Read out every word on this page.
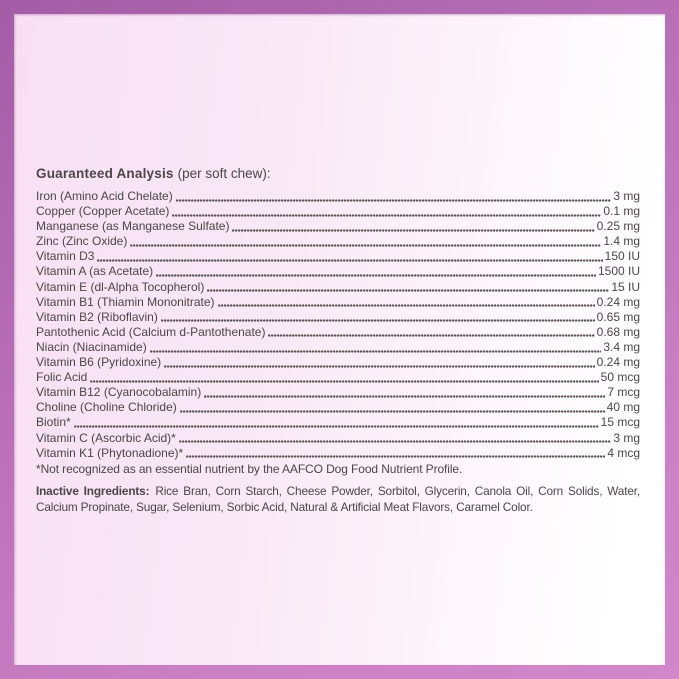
Guaranteed Analysis (per soft chew):
Iron (Amino Acid Chelate)	3 mg
Copper (Copper Acetate)	0.1 mg
Manganese (as Manganese Sulfate)	0.25 mg
Zinc (Zinc Oxide)	1.4 mg
Vitamin D3	150 IU
Vitamin A (as Acetate)	1500 IU
Vitamin E (dl-Alpha Tocopherol)	15 IU
Vitamin B1 (Thiamin Mononitrate)	0.24 mg
Vitamin B2 (Riboflavin)	0.65 mg
Pantothenic Acid (Calcium d-Pantothenate)	0.68 mg
Niacin (Niacinamide)	3.4 mg
Vitamin B6 (Pyridoxine)	0.24 mg
Folic Acid	50 mcg
Vitamin B12 (Cyanocobalamin)	7 mcg
Choline (Choline Chloride)	40 mg
Biotin*	15 mcg
Vitamin C (Ascorbic Acid)*	3 mg
Vitamin K1 (Phytonadione)*	4 mcg

*Not recognized as an essential nutrient by the AAFCO Dog Food Nutrient Profile.

Inactive Ingredients: Rice Bran, Corn Starch, Cheese Powder, Sorbitol, Glycerin, Canola Oil, Corn Solids, Water, Calcium Propinate, Sugar, Selenium, Sorbic Acid, Natural & Artificial Meat Flavors, Caramel Color.
